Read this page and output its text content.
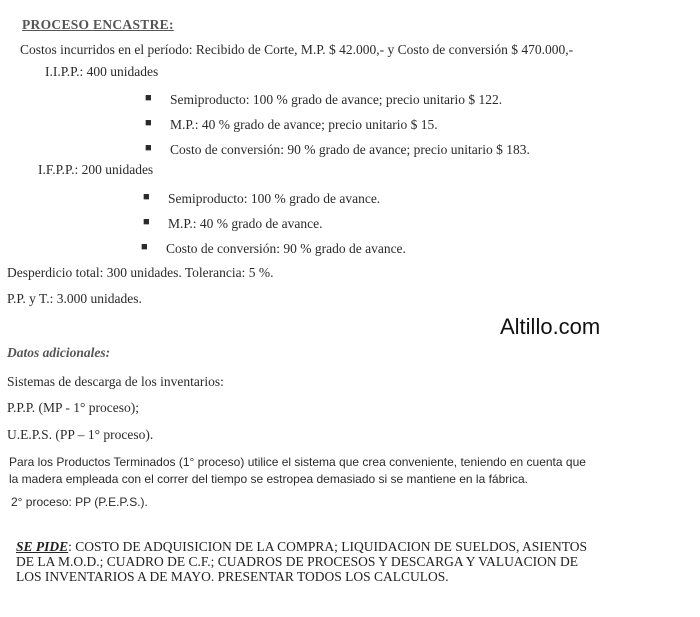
PROCESO ENCASTRE:
Costos incurridos en el período: Recibido de Corte, M.P. $ 42.000,- y Costo de conversión $ 470.000,-
I.I.P.P.: 400 unidades
■ Semiproducto: 100 % grado de avance; precio unitario $ 122.
■ M.P.: 40 % grado de avance; precio unitario $ 15.
■ Costo de conversión: 90 % grado de avance; precio unitario $ 183.
I.F.P.P.: 200 unidades
■ Semiproducto: 100 % grado de avance.
■ M.P.: 40 % grado de avance.
■ Costo de conversión: 90 % grado de avance.
Desperdicio total: 300 unidades. Tolerancia: 5 %.
P.P. y T.: 3.000 unidades.
Altillo.com
Datos adicionales:
Sistemas de descarga de los inventarios:
P.P.P. (MP - 1° proceso);
U.E.P.S. (PP – 1° proceso).
Para los Productos Terminados (1° proceso) utilice el sistema que crea conveniente, teniendo en cuenta que
la madera empleada con el correr del tiempo se estropea demasiado si se mantiene en la fábrica.
2° proceso: PP (P.E.P.S.).
SE PIDE: COSTO DE ADQUISICION DE LA COMPRA; LIQUIDACION DE SUELDOS, ASIENTOS
DE LA M.O.D.; CUADRO DE C.F.; CUADROS DE PROCESOS Y DESCARGA Y VALUACION DE
LOS INVENTARIOS A DE MAYO. PRESENTAR TODOS LOS CALCULOS.
